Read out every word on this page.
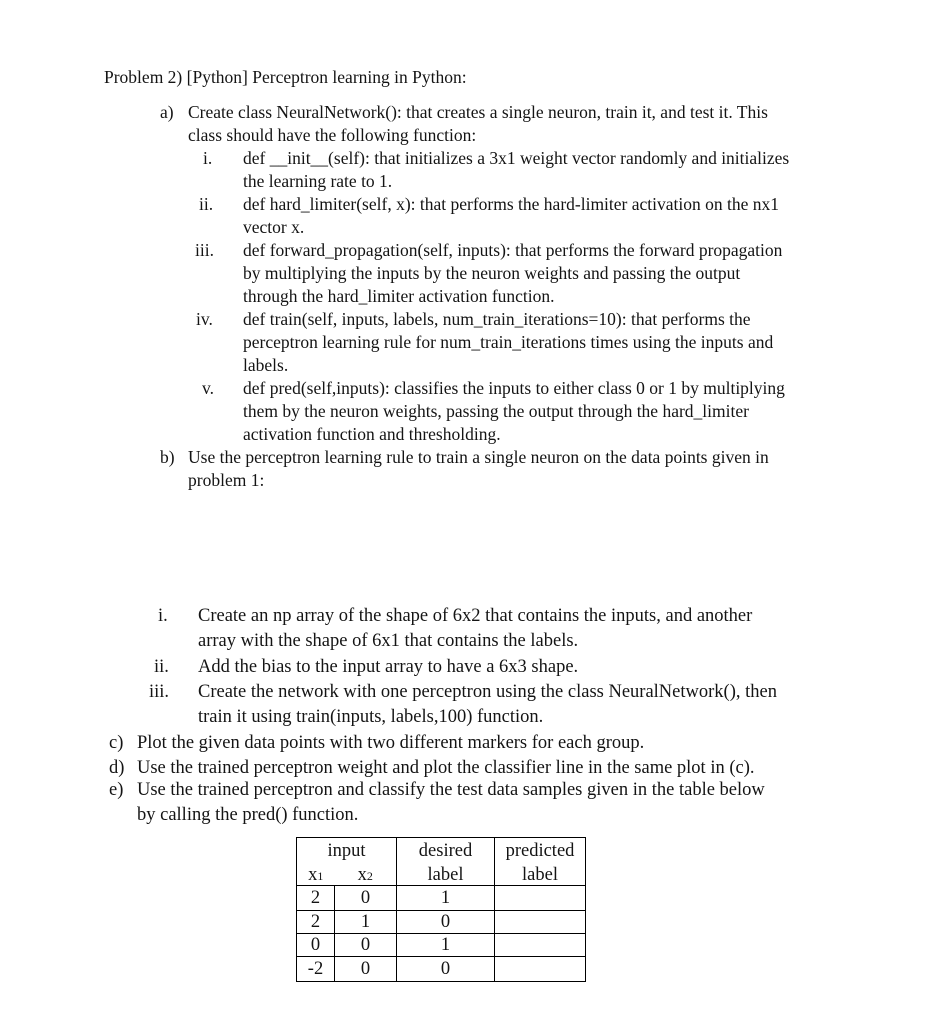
Problem 2) [Python] Perceptron learning in Python:
a) Create class NeuralNetwork(): that creates a single neuron, train it, and test it. This
class should have the following function:
i. def __init__(self): that initializes a 3x1 weight vector randomly and initializes
the learning rate to 1.
ii. def hard_limiter(self, x): that performs the hard-limiter activation on the nx1
vector x.
iii. def forward_propagation(self, inputs): that performs the forward propagation
by multiplying the inputs by the neuron weights and passing the output
through the hard_limiter activation function.
iv. def train(self, inputs, labels, num_train_iterations=10): that performs the
perceptron learning rule for num_train_iterations times using the inputs and
labels.
v. def pred(self,inputs): classifies the inputs to either class 0 or 1 by multiplying
them by the neuron weights, passing the output through the hard_limiter
activation function and thresholding.
b) Use the perceptron learning rule to train a single neuron on the data points given in
problem 1:
i. Create an np array of the shape of 6x2 that contains the inputs, and another
array with the shape of 6x1 that contains the labels.
ii. Add the bias to the input array to have a 6x3 shape.
iii. Create the network with one perceptron using the class NeuralNetwork(), then
train it using train(inputs, labels,100) function.
c) Plot the given data points with two different markers for each group.
d) Use the trained perceptron weight and plot the classifier line in the same plot in (c).
e) Use the trained perceptron and classify the test data samples given in the table below
by calling the pred() function.
input		desired	predicted
x1	x2	label	label
2	0	1	
2	1	0	
0	0	1	
-2	0	0	
